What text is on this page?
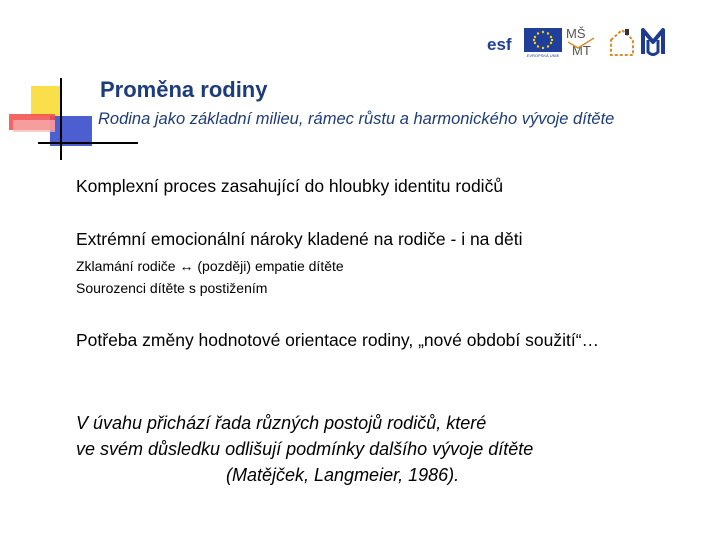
esf
EVROPSKÁ UNIE
MŠ
MT
Proměna rodiny
Rodina jako základní milieu, rámec růstu a harmonického vývoje dítěte
Komplexní proces zasahující do hloubky identitu rodičů
Extrémní emocionální nároky kladené na rodiče - i na děti
Zklamání rodiče ↔ (později) empatie dítěte
Sourozenci dítěte s postižením
Potřeba změny hodnotové orientace rodiny, „nové období soužití“…
V úvahu přichází řada různých postojů rodičů, které
ve svém důsledku odlišují podmínky dalšího vývoje dítěte
(Matějček, Langmeier, 1986).
